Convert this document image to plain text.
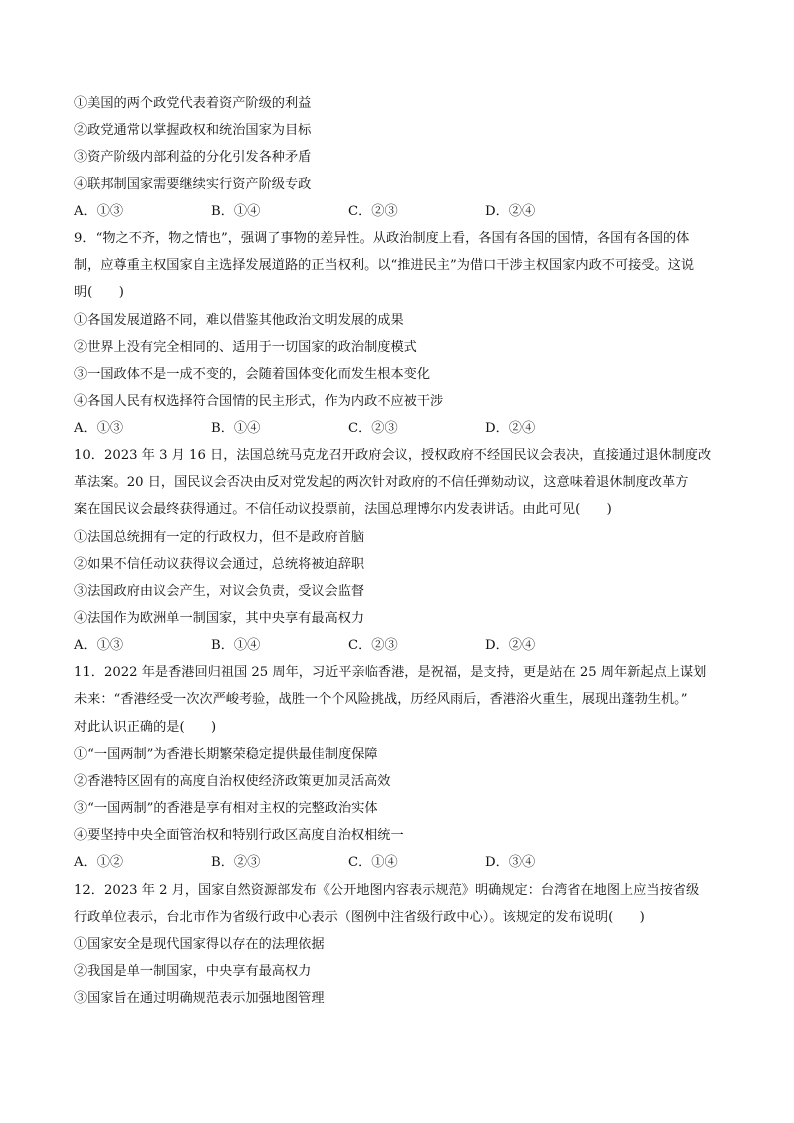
①美国的两个政党代表着资产阶级的利益
②政党通常以掌握政权和统治国家为目标
③资产阶级内部利益的分化引发各种矛盾
④联邦制国家需要继续实行资产阶级专政
A．①③	B．①④	C．②③	D．②④
9．“物之不齐，物之情也”，强调了事物的差异性。从政治制度上看，各国有各国的国情，各国有各国的体
制，应尊重主权国家自主选择发展道路的正当权利。以“推进民主”为借口干涉主权国家内政不可接受。这说
明(　　)
①各国发展道路不同，难以借鉴其他政治文明发展的成果
②世界上没有完全相同的、适用于一切国家的政治制度模式
③一国政体不是一成不变的，会随着国体变化而发生根本变化
④各国人民有权选择符合国情的民主形式，作为内政不应被干涉
A．①③	B．①④	C．②③	D．②④
10．2023 年 3 月 16 日，法国总统马克龙召开政府会议，授权政府不经国民议会表决，直接通过退休制度改
革法案。20 日，国民议会否决由反对党发起的两次针对政府的不信任弹劾动议，这意味着退休制度改革方
案在国民议会最终获得通过。不信任动议投票前，法国总理博尔内发表讲话。由此可见(　　)
①法国总统拥有一定的行政权力，但不是政府首脑
②如果不信任动议获得议会通过，总统将被迫辞职
③法国政府由议会产生，对议会负责，受议会监督
④法国作为欧洲单一制国家，其中央享有最高权力
A．①③	B．①④	C．②③	D．②④
11．2022 年是香港回归祖国 25 周年，习近平亲临香港，是祝福，是支持，更是站在 25 周年新起点上谋划
未来：“香港经受一次次严峻考验，战胜一个个风险挑战，历经风雨后，香港浴火重生，展现出蓬勃生机。”
对此认识正确的是(　　)
①“一国两制”为香港长期繁荣稳定提供最佳制度保障
②香港特区固有的高度自治权使经济政策更加灵活高效
③“一国两制”的香港是享有相对主权的完整政治实体
④要坚持中央全面管治权和特别行政区高度自治权相统一
A．①②	B．②③	C．①④	D．③④
12．2023 年 2 月，国家自然资源部发布《公开地图内容表示规范》明确规定：台湾省在地图上应当按省级
行政单位表示，台北市作为省级行政中心表示（图例中注省级行政中心）。该规定的发布说明(　　)
①国家安全是现代国家得以存在的法理依据
②我国是单一制国家，中央享有最高权力
③国家旨在通过明确规范表示加强地图管理
